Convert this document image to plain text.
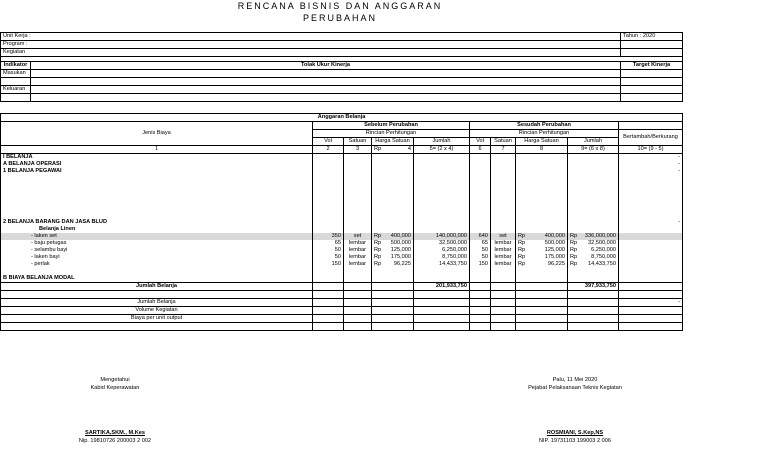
RENCANA BISNIS DAN ANGGARAN
PERUBAHAN
Unit Kerja :		Tahun : 2020
Program :		
Kegiatan		

Indikator	Tolak Ukur Kinerja	Target Kinerja
Masukan		

Keluaran		

Anggaran Belanja									
Jenis Biaya	Sebelum Perubahan				Sesudah Perubahan				
	Rincian Perhitungan				Rincian Perhitungan				Bertambah/Berkurang
	Vol	Satuan	Harga Satuan	Jumlah	Vol	Satuan	Harga Satuan	Jumlah	
1	2	3	Rp 4	5= (2 x 4)	6	7	8	9= (6 x 8)	10= (9 - 5)
I BELANJA									-
A BELANJA OPERASI									-
1 BELANJA PEGAWAI									-

2 BELANJA BARANG DAN JASA BLUD									-
Belanja Linen									
- laken set	350	set	Rp 400,000	140,000,000	640	set	Rp 400,000	Rp 336,000,000	
- baju petugas	65	lembar	Rp 500,000	32,500,000	65	lembar	Rp 500,000	Rp 32,500,000	
- selambu bayi	50	lembar	Rp 125,000	6,250,000	50	lembar	Rp 125,000	Rp 6,250,000	
- laken bayi	50	lembar	Rp 175,000	8,750,000	50	lembar	Rp 175,000	Rp 8,750,000	
- perlak	150	lembar	Rp 96,225	14,433,750	150	lembar	Rp 96,225	Rp 14,433,750	

B BIAYA BELANJA MODAL									
Jumlah Belanja				201,933,750				397,933,750	

Jumlah Belanja									-
Volume Kegiatan									
Biaya per unit output									

Mengetahui
Kabid Keperawatan
SARTIKA,SKM., M.Kes
Nip. 19810726 200003 2 002
Palu, 11 Mei 2020
Pejabat Pelaksanaan Teknis Kegiatan
ROSMIANI, S.Kep,NS
NIP. 19731103 199003 2 006
